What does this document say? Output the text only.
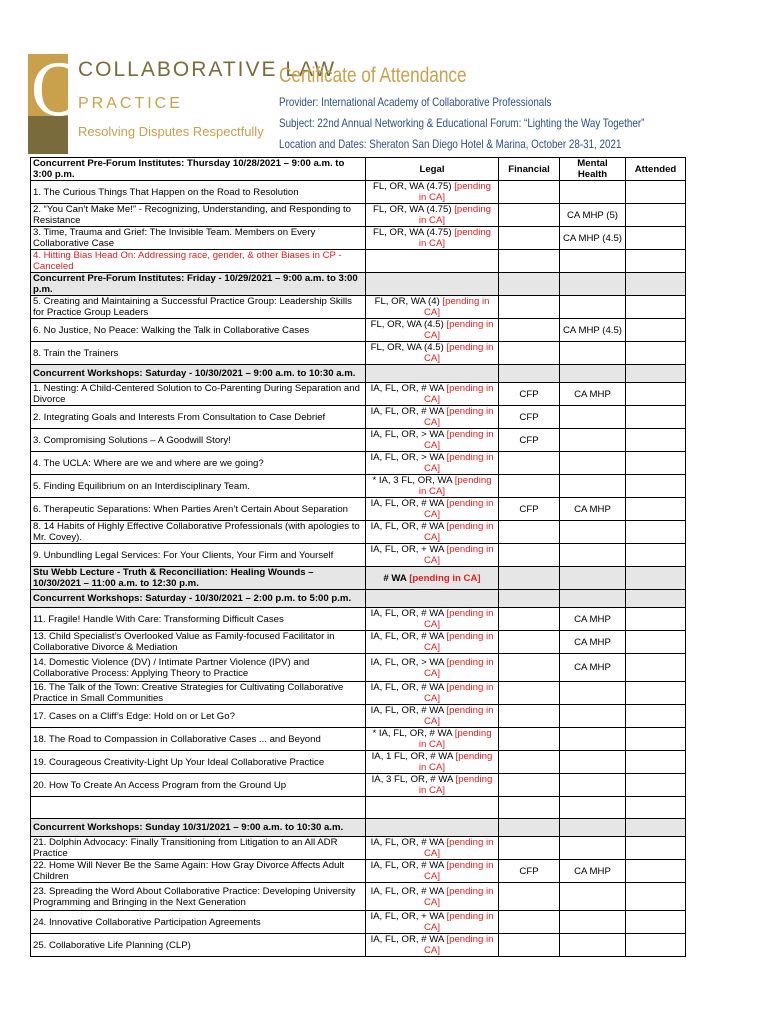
C
COLLABORATIVE LAW
PRACTICE
Resolving Disputes Respectfully
Certificate of Attendance
Provider: International Academy of Collaborative Professionals
Subject: 22nd Annual Networking & Educational Forum: “Lighting the Way Together”
Location and Dates: Sheraton San Diego Hotel & Marina, October 28-31, 2021
Concurrent Pre-Forum Institutes: Thursday 10/28/2021 – 9:00 a.m. to 3:00 p.m.	Legal	Financial	Mental Health	Attended
1. The Curious Things That Happen on the Road to Resolution	FL, OR, WA (4.75) [pending in CA]			
2. “You Can’t Make Me!” - Recognizing, Understanding, and Responding to Resistance	FL, OR, WA (4.75) [pending in CA]		CA MHP (5)	
3. Time, Trauma and Grief: The Invisible Team. Members on Every Collaborative Case	FL, OR, WA (4.75) [pending in CA]		CA MHP (4.5)	
4. Hitting Bias Head On: Addressing race, gender, & other Biases in CP - Canceled				
Concurrent Pre-Forum Institutes: Friday - 10/29/2021 – 9:00 a.m. to 3:00 p.m.				
5. Creating and Maintaining a Successful Practice Group: Leadership Skills for Practice Group Leaders	FL, OR, WA (4) [pending in CA]			
6. No Justice, No Peace: Walking the Talk in Collaborative Cases	FL, OR, WA (4.5) [pending in CA]		CA MHP (4.5)	
8. Train the Trainers	FL, OR, WA (4.5) [pending in CA]			
Concurrent Workshops: Saturday - 10/30/2021 – 9:00 a.m. to 10:30 a.m.				
1. Nesting: A Child-Centered Solution to Co-Parenting During Separation and Divorce	IA, FL, OR, # WA [pending in CA]	CFP	CA MHP	
2. Integrating Goals and Interests From Consultation to Case Debrief	IA, FL, OR, # WA [pending in CA]	CFP		
3. Compromising Solutions – A Goodwill Story!	IA, FL, OR, > WA [pending in CA]	CFP		
4. The UCLA: Where are we and where are we going?	IA, FL, OR, > WA [pending in CA]			
5. Finding Equilibrium on an Interdisciplinary Team.	* IA, 3 FL, OR, WA [pending in CA]			
6. Therapeutic Separations: When Parties Aren’t Certain About Separation	IA, FL, OR, # WA [pending in CA]	CFP	CA MHP	
8. 14 Habits of Highly Effective Collaborative Professionals (with apologies to Mr. Covey).	IA, FL, OR, # WA [pending in CA]			
9. Unbundling Legal Services: For Your Clients, Your Firm and Yourself	IA, FL, OR, + WA [pending in CA]			
Stu Webb Lecture - Truth & Reconciliation: Healing Wounds – 10/30/2021 – 11:00 a.m. to 12:30 p.m.	# WA [pending in CA]			
Concurrent Workshops: Saturday - 10/30/2021 – 2:00 p.m. to 5:00 p.m.				
11. Fragile! Handle With Care: Transforming Difficult Cases	IA, FL, OR, # WA [pending in CA]		CA MHP	
13. Child Specialist’s Overlooked Value as Family-focused Facilitator in Collaborative Divorce & Mediation	IA, FL, OR, # WA [pending in CA]		CA MHP	
14. Domestic Violence (DV) / Intimate Partner Violence (IPV) and Collaborative Process: Applying Theory to Practice	IA, FL, OR, > WA [pending in CA]		CA MHP	
16. The Talk of the Town: Creative Strategies for Cultivating Collaborative Practice in Small Communities	IA, FL, OR, # WA [pending in CA]			
17. Cases on a Cliff’s Edge: Hold on or Let Go?	IA, FL, OR, # WA [pending in CA]			
18. The Road to Compassion in Collaborative Cases ... and Beyond	* IA, FL, OR, # WA [pending in CA]			
19. Courageous Creativity-Light Up Your Ideal Collaborative Practice	IA, 1 FL, OR, # WA [pending in CA]			
20. How To Create An Access Program from the Ground Up	IA, 3 FL, OR, # WA [pending in CA]			

Concurrent Workshops: Sunday 10/31/2021 – 9:00 a.m. to 10:30 a.m.				
21. Dolphin Advocacy: Finally Transitioning from Litigation to an All ADR Practice	IA, FL, OR, # WA [pending in CA]			
22. Home Will Never Be the Same Again: How Gray Divorce Affects Adult Children	IA, FL, OR, # WA [pending in CA]	CFP	CA MHP	
23. Spreading the Word About Collaborative Practice: Developing University Programming and Bringing in the Next Generation	IA, FL, OR, # WA [pending in CA]			
24. Innovative Collaborative Participation Agreements	IA, FL, OR, + WA [pending in CA]			
25. Collaborative Life Planning (CLP)	IA, FL, OR, # WA [pending in CA]			
